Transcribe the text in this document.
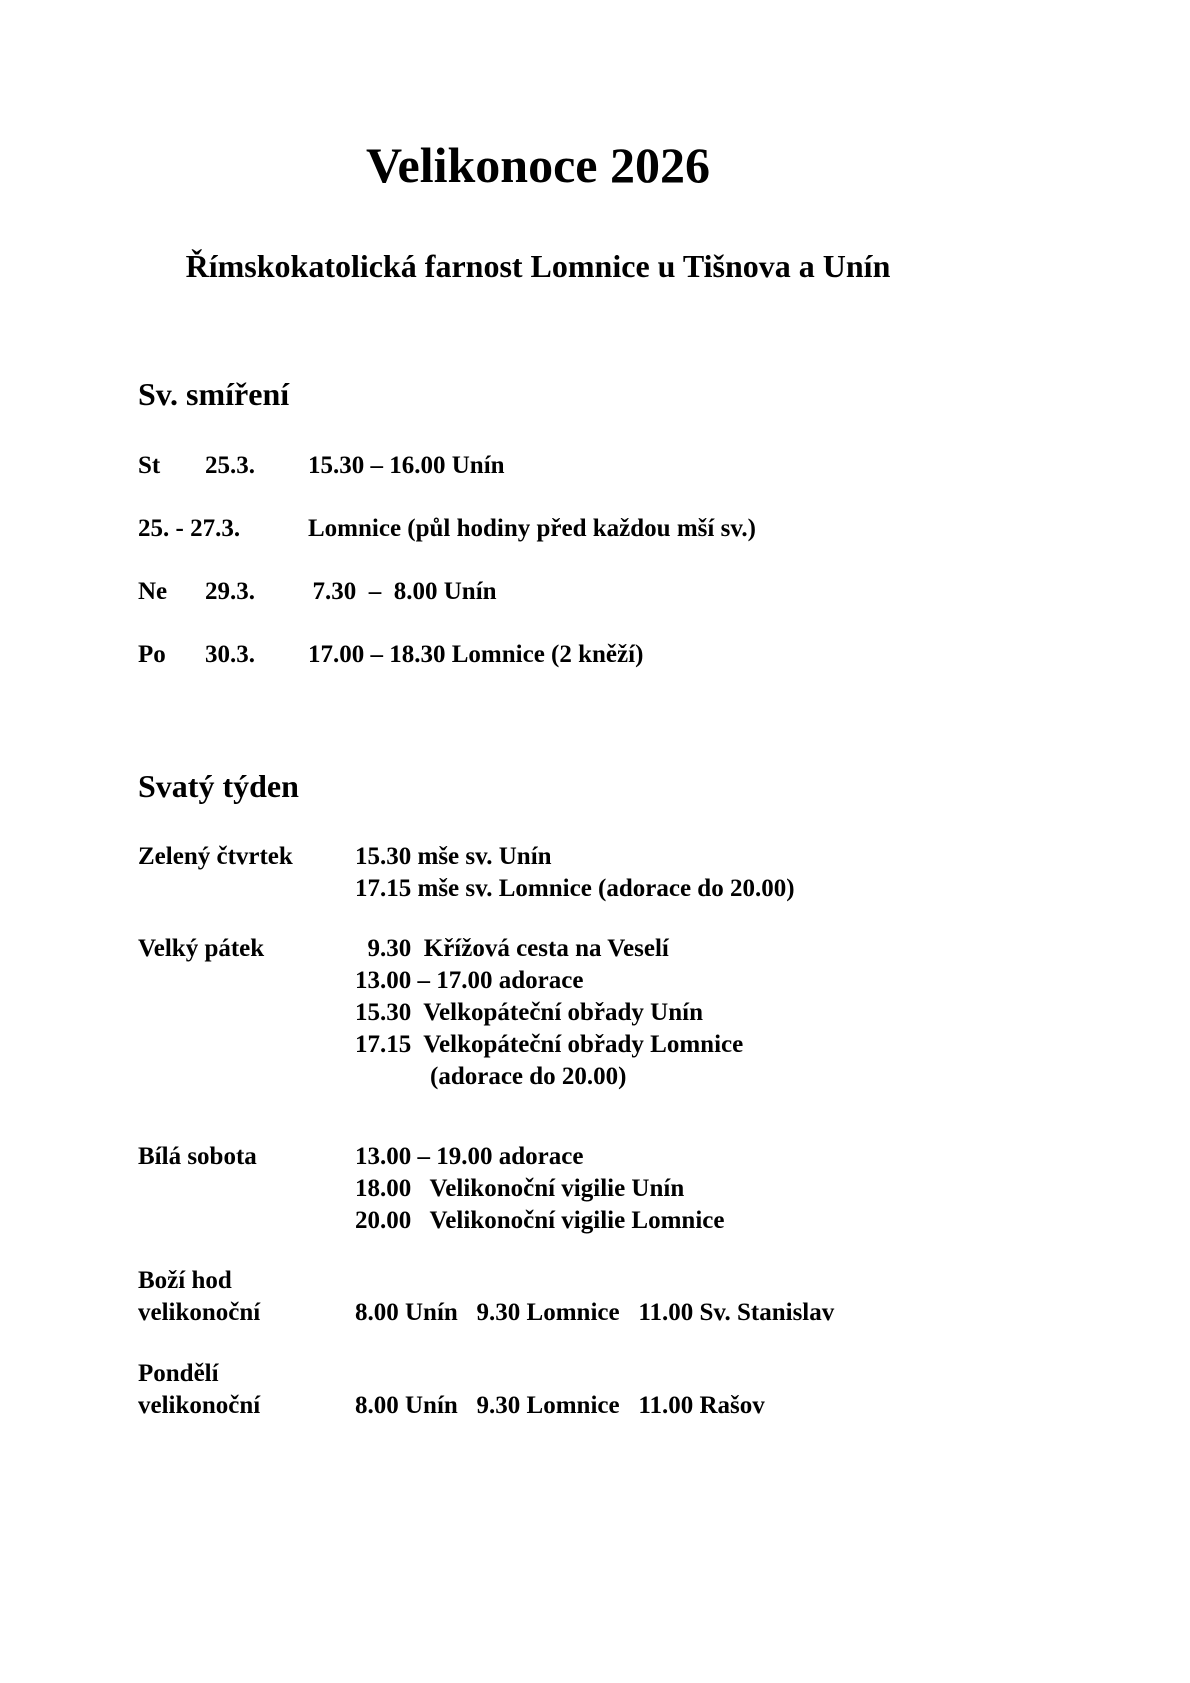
Velikonoce 2026
Římskokatolická farnost Lomnice u Tišnova a Unín
Sv. smíření
St 25.3. 15.30 – 16.00 Unín
25. - 27.3.	Lomnice (půl hodiny před každou mší sv.)
Ne 29.3. 7.30  –  8.00 Unín
Po 30.3. 17.00 – 18.30 Lomnice (2 kněží)
Svatý týden
Zelený čtvrtek 15.30 mše sv. Unín
17.15 mše sv. Lomnice (adorace do 20.00)
Velký pátek	9.30  Křížová cesta na Veselí
13.00 – 17.00 adorace
15.30  Velkopáteční obřady Unín
17.15  Velkopáteční obřady Lomnice
(adorace do 20.00)
Bílá sobota	13.00 – 19.00 adorace
18.00   Velikonoční vigilie Unín
20.00   Velikonoční vigilie Lomnice
Boží hod
velikonoční	8.00 Unín   9.30 Lomnice   11.00 Sv. Stanislav
Pondělí
velikonoční	8.00 Unín   9.30 Lomnice   11.00 Rašov
